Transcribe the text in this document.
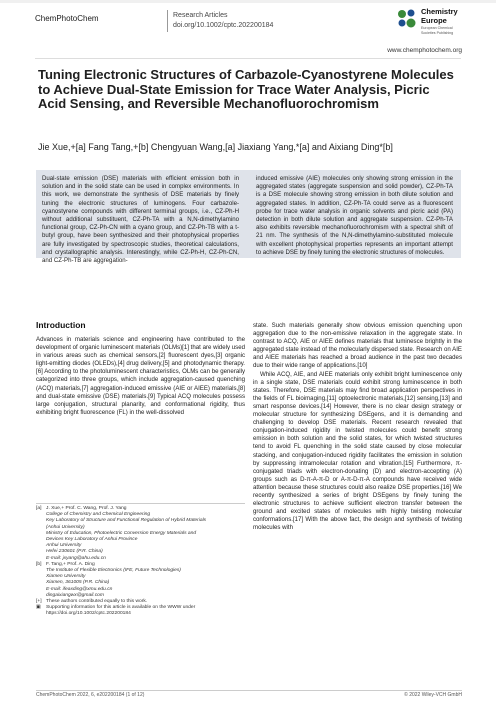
ChemPhotoChem	Research Articles
doi.org/10.1002/cptc.202200184
Chemistry
Europe
European Chemical
Societies Publishing
www.chemphotochem.org
Tuning Electronic Structures of Carbazole-Cyanostyrene Molecules to Achieve Dual-State Emission for Trace Water Analysis, Picric Acid Sensing, and Reversible Mechanofluorochromism
Jie Xue,+[a] Fang Tang,+[b] Chengyuan Wang,[a] Jiaxiang Yang,*[a] and Aixiang Ding*[b]
Dual-state emission (DSE) materials with efficient emission both in solution and in the solid state can be used in complex environments. In this work, we demonstrate the synthesis of DSE materials by finely tuning the electronic structures of luminogens. Four carbazole-cyanostyrene compounds with different terminal groups, i.e., CZ-Ph-H without additional substituent, CZ-Ph-TA with a N,N-dimethylamino functional group, CZ-Ph-CN with a cyano group, and CZ-Ph-TB with a t-butyl group, have been synthesized and their photophysical properties are fully investigated by spectroscopic studies, theoretical calculations, and crystallographic analysis. Interestingly, while CZ-Ph-H, CZ-Ph-CN, and CZ-Ph-TB are aggregation-
induced emissive (AIE) molecules only showing strong emission in the aggregated states (aggregate suspension and solid powder), CZ-Ph-TA is a DSE molecule showing strong emission in both dilute solution and aggregated states. In addition, CZ-Ph-TA could serve as a fluorescent probe for trace water analysis in organic solvents and picric acid (PA) detection in both dilute solution and aggregate suspension. CZ-Ph-TA also exhibits reversible mechanofluorochromism with a spectral shift of 21 nm. The synthesis of the N,N-dimethylamino-substituted molecule with excellent photophysical properties represents an important attempt to achieve DSE by finely tuning the electronic structures of molecules.
Introduction

Advances in materials science and engineering have contributed to the development of organic luminescent materials (OLMs)[1] that are widely used in various areas such as chemical sensors,[2] fluorescent dyes,[3] organic light-emitting diodes (OLEDs),[4] drug delivery,[5] and photodynamic therapy.[6] According to the photoluminescent characteristics, OLMs can be generally categorized into three groups, which include aggregation-caused quenching (ACQ) materials,[7] aggregation-induced emissive (AIE or AIEE) materials,[8] and dual-state emissive (DSE) materials.[9] Typical ACQ molecules possess large conjugation, structural planarity, and conformational rigidity, thus exhibiting bright fluorescence (FL) in the well-dissolved

state. Such materials generally show obvious emission quenching upon aggregation due to the non-emissive relaxation in the aggregate state. In contrast to ACQ, AIE or AIEE defines materials that luminesce brightly in the aggregated state instead of the molecularly dispersed state. Research on AIE and AIEE materials has reached a broad audience in the past two decades due to their wide range of applications.[10]

While ACQ, AIE, and AIEE materials only exhibit bright luminescence only in a single state, DSE materials could exhibit strong luminescence in both states. Therefore, DSE materials may find broad application perspectives in the fields of FL bioimaging,[11] optoelectronic materials,[12] sensing,[13] and smart response devices.[14] However, there is no clear design strategy or molecular structure for synthesizing DSEgens, and it is demanding and challenging to develop DSE materials. Recent research revealed that conjugation-induced rigidity in twisted molecules could benefit strong emission in both solution and the solid states, for which twisted structures tend to avoid FL quenching in the solid state caused by close molecular stacking, and conjugation-induced rigidity facilitates the emission in solution by suppressing intramolecular rotation and vibration.[15] Furthermore, π-conjugated triads with electron-donating (D) and electron-accepting (A) groups such as D-π-A-π-D or A-π-D-π-A compounds have received wide attention because these structures could also realize DSE properties.[16] We recently synthesized a series of bright DSEgens by finely tuning the electronic structures to achieve sufficient electron transfer between the ground and excited states of molecules with highly twisting molecular conformations.[17] With the above fact, the design and synthesis of twisting molecules with

[a] J. Xue,+ Prof. C. Wang, Prof. J. Yang
College of Chemistry and Chemical Engineering
Key Laboratory of Structure and Functional Regulation of Hybrid Materials
(Anhui University)
Ministry of Education, Photoelectric Conversion Energy Materials and
Devices Key Laboratory of Anhui Province
Anhui University
Hefei 230601 (P.R. China)
E-mail: jxyang@ahu.edu.cn
[b] F. Tang,+ Prof. A. Ding
The Institute of Flexible Electronics (IFE, Future Technologies)
Xiamen University
Xiamen, 361005 (P.R. China)
E-mail: ifeaxding@xmu.edu.cn
dingaixiangwx@gmail.com
[+] These authors contributed equally to this work.
▣	Supporting information for this article is available on the WWW under
https://doi.org/10.1002/cptc.202200184
ChemPhotoChem 2022, 6, e202200184 (1 of 12)	© 2022 Wiley-VCH GmbH
